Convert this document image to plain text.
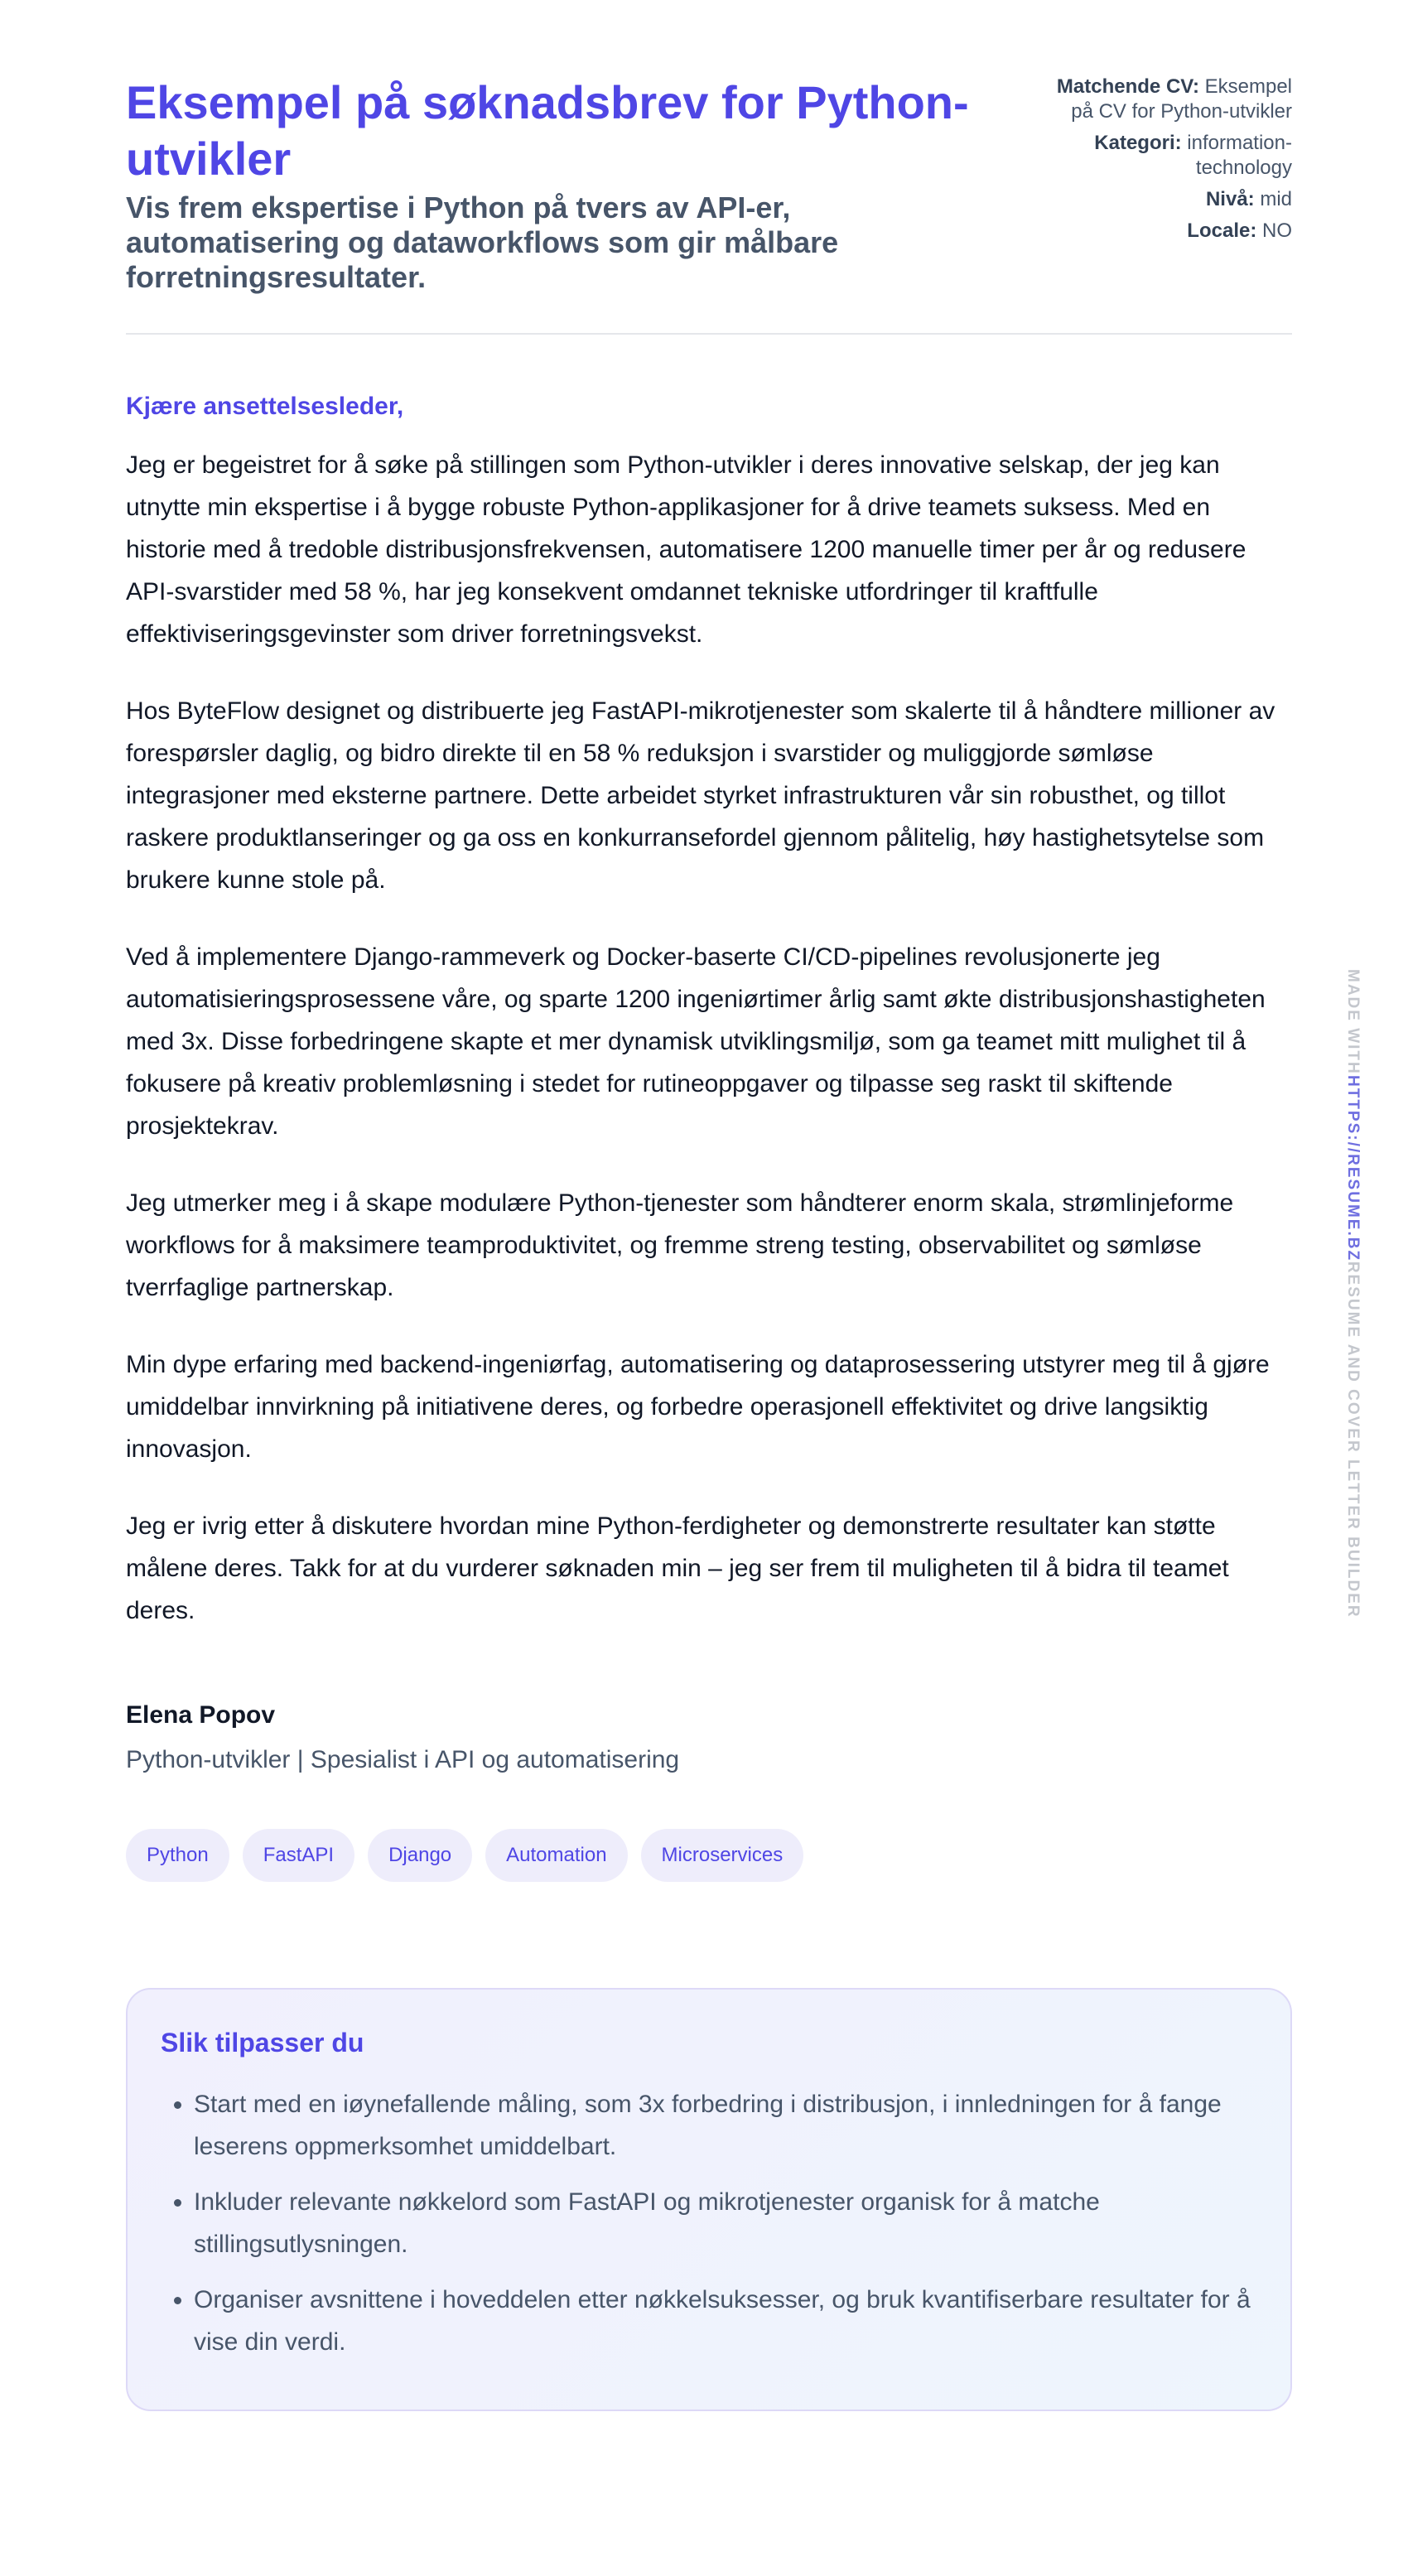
Eksempel på søknadsbrev for Python-utvikler
Vis frem ekspertise i Python på tvers av API-er, automatisering og dataworkflows som gir målbare forretningsresultater.
Matchende CV: Eksempel på CV for Python-utvikler
Kategori: information-technology
Nivå: mid
Locale: NO
Kjære ansettelsesleder,

Jeg er begeistret for å søke på stillingen som Python-utvikler i deres innovative selskap, der jeg kan utnytte min ekspertise i å bygge robuste Python-applikasjoner for å drive teamets suksess. Med en historie med å tredoble distribusjonsfrekvensen, automatisere 1200 manuelle timer per år og redusere API-svarstider med 58 %, har jeg konsekvent omdannet tekniske utfordringer til kraftfulle effektiviseringsgevinster som driver forretningsvekst.

Hos ByteFlow designet og distribuerte jeg FastAPI-mikrotjenester som skalerte til å håndtere millioner av forespørsler daglig, og bidro direkte til en 58 % reduksjon i svarstider og muliggjorde sømløse integrasjoner med eksterne partnere. Dette arbeidet styrket infrastrukturen vår sin robusthet, og tillot raskere produktlanseringer og ga oss en konkurransefordel gjennom pålitelig, høy hastighetsytelse som brukere kunne stole på.

Ved å implementere Django-rammeverk og Docker-baserte CI/CD-pipelines revolusjonerte jeg automatisieringsprosessene våre, og sparte 1200 ingeniørtimer årlig samt økte distribusjonshastigheten med 3x. Disse forbedringene skapte et mer dynamisk utviklingsmiljø, som ga teamet mitt mulighet til å fokusere på kreativ problemløsning i stedet for rutineoppgaver og tilpasse seg raskt til skiftende prosjektekrav.

Jeg utmerker meg i å skape modulære Python-tjenester som håndterer enorm skala, strømlinjeforme workflows for å maksimere teamproduktivitet, og fremme streng testing, observabilitet og sømløse tverrfaglige partnerskap.

Min dype erfaring med backend-ingeniørfag, automatisering og dataprosessering utstyrer meg til å gjøre umiddelbar innvirkning på initiativene deres, og forbedre operasjonell effektivitet og drive langsiktig innovasjon.

Jeg er ivrig etter å diskutere hvordan mine Python-ferdigheter og demonstrerte resultater kan støtte målene deres. Takk for at du vurderer søknaden min – jeg ser frem til muligheten til å bidra til teamet deres.

Elena Popov
Python-utvikler | Spesialist i API og automatisering
Python	FastAPI	Django	Automation	Microservices
Slik tilpasser du
• Start med en iøynefallende måling, som 3x forbedring i distribusjon, i innledningen for å fange leserens oppmerksomhet umiddelbart.
• Inkluder relevante nøkkelord som FastAPI og mikrotjenester organisk for å matche stillingsutlysningen.
• Organiser avsnittene i hoveddelen etter nøkkelsuksesser, og bruk kvantifiserbare resultater for å vise din verdi.
MADE WITHHTTPS://RESUME.BZRESUME AND COVER LETTER BUILDER
